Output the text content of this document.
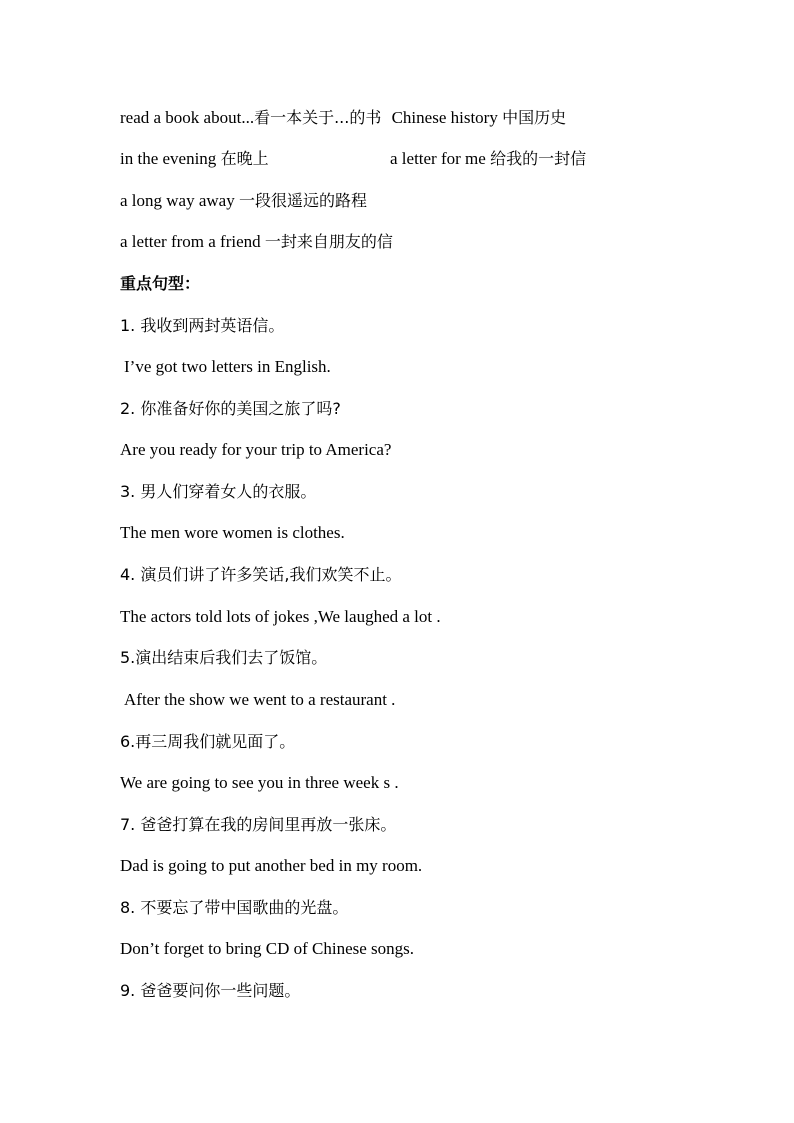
read a book about...看一本关于...的书 Chinese history 中国历史
in the evening 在晚上	a letter for me 给我的一封信
a long way away 一段很遥远的路程
a letter from a friend 一封来自朋友的信
重点句型：
1. 我收到两封英语信。
I’ve got two letters in English.
2. 你准备好你的美国之旅了吗?
Are you ready for your trip to America?
3. 男人们穿着女人的衣服。
The men wore women is clothes.
4. 演员们讲了许多笑话,我们欢笑不止。
The actors told lots of jokes ,We laughed a lot .
5.演出结束后我们去了饭馆。
After the show we went to a restaurant .
6.再三周我们就见面了。
We are going to see you in three week s .
7. 爸爸打算在我的房间里再放一张床。
Dad is going to put another bed in my room.
8. 不要忘了带中国歌曲的光盘。
Don’t forget to bring CD of Chinese songs.
9. 爸爸要问你一些问题。
